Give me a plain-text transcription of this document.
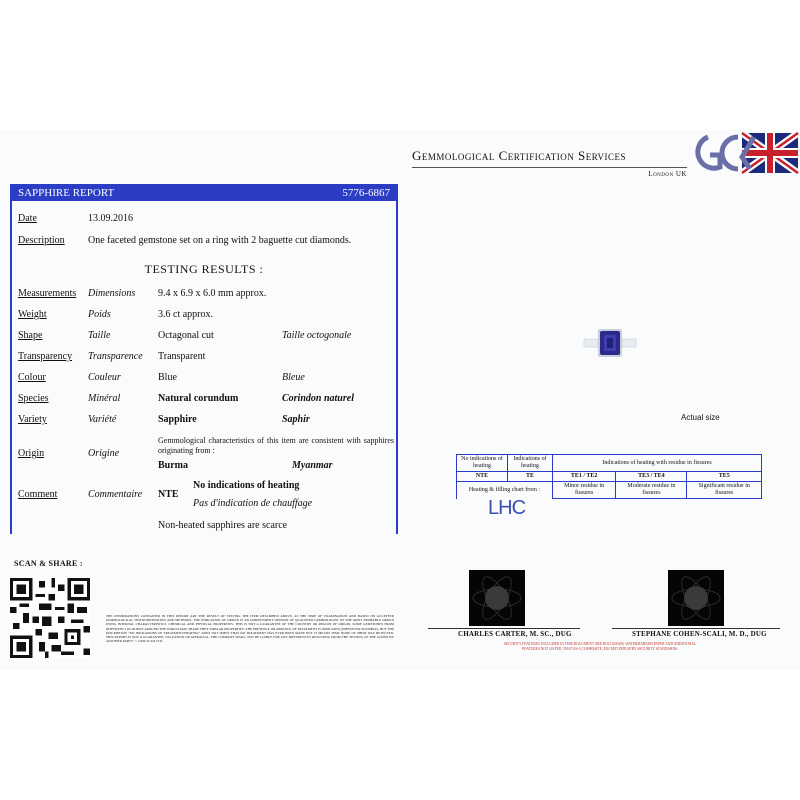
Gemmological Certification Services
London UK
SAPPHIRE REPORT	5776-6867
Date	13.09.2016
Description One faceted gemstone set on a ring with 2 baguette cut diamonds.
TESTING RESULTS :
Measurements Dimensions 9.4 x 6.9 x 6.0 mm approx.
Weight	Poids	3.6 ct approx.
Shape	Taille	Octagonal cut	Taille octogonale
Transparency Transparence Transparent
Colour	Couleur	Blue	Bleue
Species	Minéral	Natural corundum	Corindon naturel
Variety	Variété	Sapphire	Saphir
Origin	Origine
Gemmological characteristics of this item are consistent with sapphires originating from :
Burma	Myanmar
Comment	Commentaire NTE
No indications of heating
Pas d'indication de chauffage
Non-heated sapphires are scarce
Actual size
No indications of heating	Indications of heating	Indications of heating with residue in fissures		
NTE	TE	TE1 / TE2	TE3 / TE4	TE5
Heating & filling chart from :		Minor residue in fissures	Moderate residue in fissures	Significant residue in fissures
LHC
SCAN & SHARE :
THE INFORMATIONS CONTAINED IN THIS REPORT ARE THE RESULT OF TESTING THE ITEM DESCRIBED ABOVE, AT THE TIME OF EXAMINATION AND BASED ON ACCEPTED GEMMOLOGICAL INSTRUMENTATION AND METHODS. THE INDICATION OF ORIGIN IS AN INDEPENDENT OPINION OF QUALIFIED GEMMOLOGIST OF THE MOST PROBABLE ORIGIN USING INTERNAL CHARACTERISTICS, CHEMICAL AND PHYSICAL PROPERTIES. THIS IS NOT A GUARANTEE OF THE COUNTRY OR REGION OF ORIGIN. SOME GEMSTONES FROM DIFFERENT LOCATIONS AROUND THE WORLD MAY SHARE THEY SIMILAR PROPERTIES. THE PRESENCE OR ABSENCE OF TREATMENT IS INDICATED (WHENEVER POSSIBLE), BUT THE INSCRIPTION "NO INDICATIONS OF TREATMENT/HEATING" DOES NOT IMPLY THAT NO TREATMENT HAS EVER BEEN MADE BUT IT MEANS THAT NONE OF THEM WAS DETECTED. THIS REPORT IS NOT A GUARANTEE, VALUATION OR APPRAISAL. THE COMPANY SHALL NOT BE LIABLE FOR ANY DIFFERENCES RESULTING FROM THE TESTING OF THE GOODS BY ANOTHER PARTY. © GEM SCAN LTD
CHARLES CARTER, M. SC., DUG	STEPHANE COHEN-SCALI, M. D., DUG
SECURITY FEATURES INCLUDED IN THIS DOCUMENT ARE HOLOGRAM, WATERMARKED PAPER AND ADDITIONAL FEATURES NOT LISTED, THAT AS A COMPOSITE, EXCEED INDUSTRY SECURITY STANDARDS.
